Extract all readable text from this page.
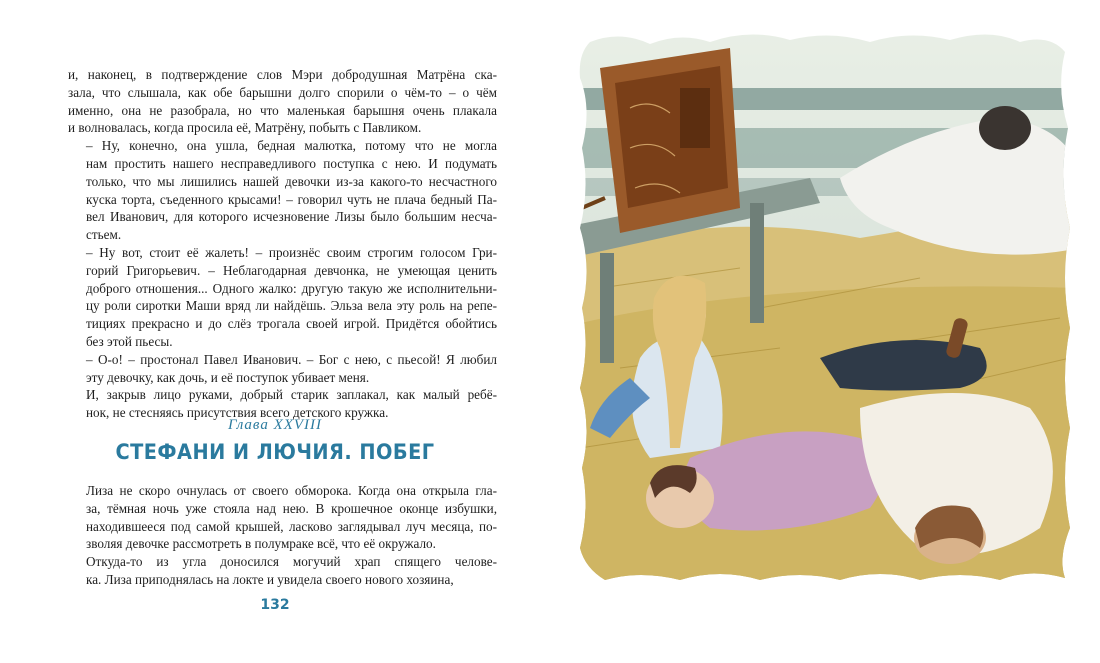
и, наконец, в подтверждение слов Мэри добродушная Матрёна ска-
зала, что слышала, как обе барышни долго спорили о чём-то – о чём
именно, она не разобрала, но что маленькая барышня очень плакала
и волновалась, когда просила её, Матрёну, побыть с Павликом.

– Ну, конечно, она ушла, бедная малютка, потому что не могла
нам простить нашего несправедливого поступка с нею. И подумать
только, что мы лишились нашей девочки из-за какого-то несчастного
куска торта, съеденного крысами! – говорил чуть не плача бедный Па-
вел Иванович, для которого исчезновение Лизы было большим несча-
стьем.

– Ну вот, стоит её жалеть! – произнёс своим строгим голосом Гри-
горий Григорьевич. – Неблагодарная девчонка, не умеющая ценить
доброго отношения... Одного жалко: другую такую же исполнительни-
цу роли сиротки Маши вряд ли найдёшь. Эльза вела эту роль на репе-
тициях прекрасно и до слёз трогала своей игрой. Придётся обойтись
без этой пьесы.

– О-о! – простонал Павел Иванович. – Бог с нею, с пьесой! Я любил
эту девочку, как дочь, и её поступок убивает меня.

И, закрыв лицо руками, добрый старик заплакал, как малый ребё-
нок, не стесняясь присутствия всего детского кружка.

Глава XXVIII
СТЕФАНИ И ЛЮЧИЯ. ПОБЕГ

Лиза не скоро очнулась от своего обморока. Когда она открыла гла-
за, тёмная ночь уже стояла над нею. В крошечное оконце избушки,
находившееся под самой крышей, ласково заглядывал луч месяца, по-
зволяя девочке рассмотреть в полумраке всё, что её окружало.

Откуда-то из угла доносился могучий храп спящего челове-
ка. Лиза приподнялась на локте и увидела своего нового хозяина,

132
